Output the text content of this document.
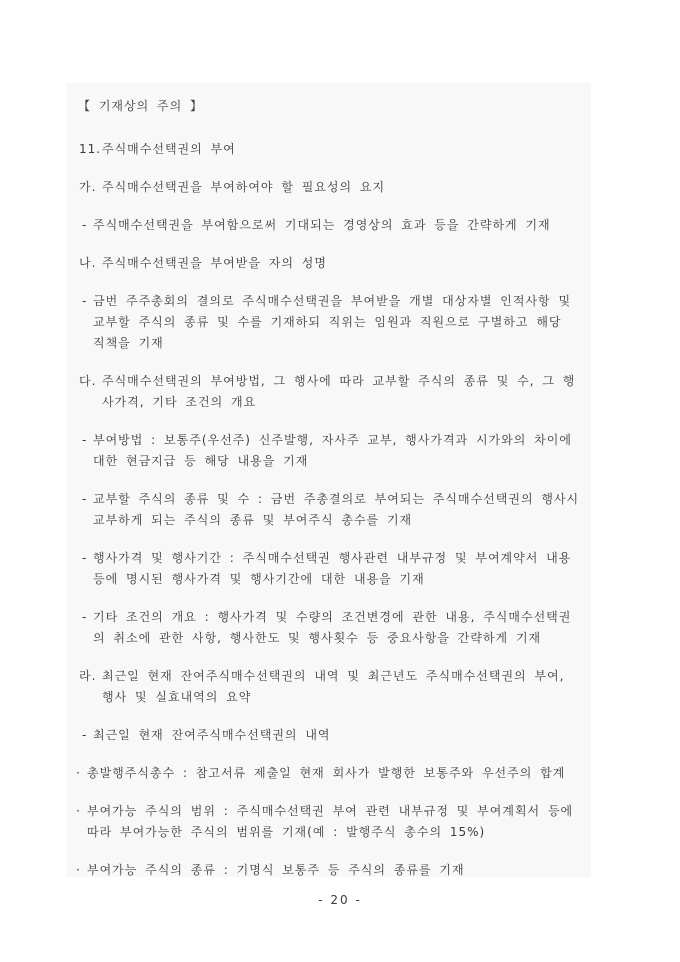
【 기재상의 주의 】
11. 주식매수선택권의 부여
가. 주식매수선택권을 부여하여야 할 필요성의 요지
- 주식매수선택권을 부여함으로써 기대되는 경영상의 효과 등을 간략하게 기재
나. 주식매수선택권을 부여받을 자의 성명
- 금번 주주총회의 결의로 주식매수선택권을 부여받을 개별 대상자별 인적사항 및 교부할 주식의 종류 및 수를 기재하되 직위는 임원과 직원으로 구별하고 해당 직책을 기재
다. 주식매수선택권의 부여방법, 그 행사에 따라 교부할 주식의 종류 및 수, 그 행사가격, 기타 조건의 개요
- 부여방법 : 보통주(우선주) 신주발행, 자사주 교부, 행사가격과 시가와의 차이에 대한 현금지급 등 해당 내용을 기재
- 교부할 주식의 종류 및 수 : 금번 주총결의로 부여되는 주식매수선택권의 행사시 교부하게 되는 주식의 종류 및 부여주식 총수를 기재
- 행사가격 및 행사기간 : 주식매수선택권 행사관련 내부규정 및 부여계약서 내용등에 명시된 행사가격 및 행사기간에 대한 내용을 기재
- 기타 조건의 개요 : 행사가격 및 수량의 조건변경에 관한 내용, 주식매수선택권의 취소에 관한 사항, 행사한도 및 행사횟수 등 중요사항을 간략하게 기재
라. 최근일 현재 잔여주식매수선택권의 내역 및 최근년도 주식매수선택권의 부여, 행사 및 실효내역의 요약
- 최근일 현재 잔여주식매수선택권의 내역
· 총발행주식총수 : 참고서류 제출일 현재 회사가 발행한 보통주와 우선주의 합계
· 부여가능 주식의 범위 : 주식매수선택권 부여 관련 내부규정 및 부여계획서 등에 따라 부여가능한 주식의 범위를 기재(예 : 발행주식 총수의 15%)
· 부여가능 주식의 종류 : 기명식 보통주 등 주식의 종류를 기재
- 20 -
